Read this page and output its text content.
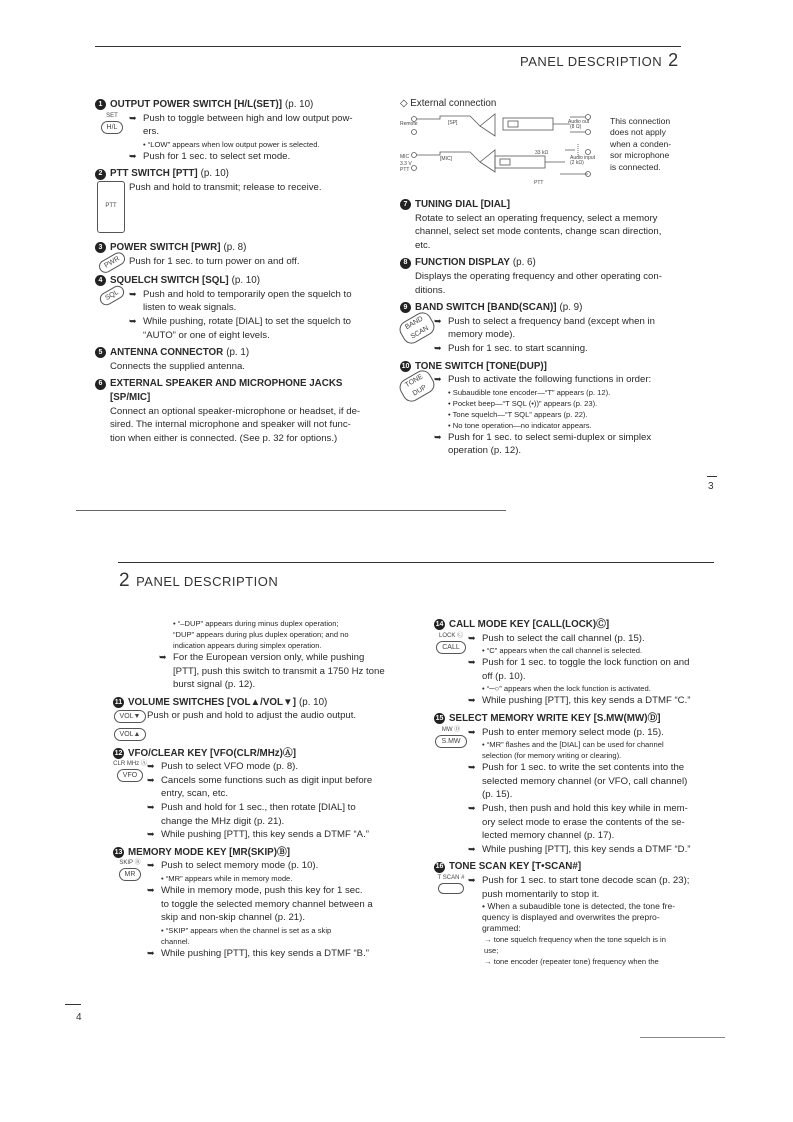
PANEL DESCRIPTION 2
1 OUTPUT POWER SWITCH [H/L(SET)] (p. 10)
SET
H/L
➥ Push to toggle between high and low output pow-
ers.
• “LOW” appears when low output power is selected.
➥ Push for 1 sec. to select set mode.
2 PTT SWITCH [PTT] (p. 10)
PTT
Push and hold to transmit; release to receive.
3 POWER SWITCH [PWR] (p. 8)
PWR Push for 1 sec. to turn power on and off.
4 SQUELCH SWITCH [SQL] (p. 10)
SQL	➥ Push and hold to temporarily open the squelch to
listen to weak signals.
➥ While pushing, rotate [DIAL] to set the squelch to
“AUTO” or one of eight levels.
5 ANTENNA CONNECTOR (p. 1)
Connects the supplied antenna.
6 EXTERNAL SPEAKER AND MICROPHONE JACKS
[SP/MIC]
Connect an optional speaker-microphone or headset, if de-
sired. The internal microphone and speaker will not func-
tion when either is connected. (See p. 32 for options.)
◇ External connection
Remote	[SP]	Audio out
(8 Ω)
MIC	[MIC]
33 kΩ
Audio input
(2 kΩ)
3.3 V
PTT
PTT
This connection
does not apply
when a conden-
sor microphone
is connected.
7 TUNING DIAL [DIAL]
Rotate to select an operating frequency, select a memory
channel, select set mode contents, change scan direction,
etc.
8 FUNCTION DISPLAY (p. 6)
Displays the operating frequency and other operating con-
ditions.
9 BAND SWITCH [BAND(SCAN)] (p. 9)
BAND SCAN
➥ Push to select a frequency band (except when in
memory mode).
➥ Push for 1 sec. to start scanning.
10 TONE SWITCH [TONE(DUP)]
TONE DUP
➥ Push to activate the following functions in order:
• Subaudible tone encoder—“T” appears (p. 12).
• Pocket beep—“T SQL (•))” appears (p. 23).
• Tone squelch—“T SQL” appears (p. 22).
• No tone operation—no indicator appears.
➥ Push for 1 sec. to select semi-duplex or simplex
operation (p. 12).
3
2 PANEL DESCRIPTION
• “–DUP” appears during minus duplex operation;
“DUP” appears during plus duplex operation; and no
indication appears during simplex operation.
➥ For the European version only, while pushing
[PTT], push this switch to transmit a 1750 Hz tone
burst signal (p. 12).
11 VOLUME SWITCHES [VOL▲/VOL▼] (p. 10)
VOL▼VOL▲
Push or push and hold to adjust the audio output.
12 VFO/CLEAR KEY [VFO(CLR/MHz)Ⓐ]
CLR MHz Ⓐ
VFO
➥ Push to select VFO mode (p. 8).
➥ Cancels some functions such as digit input before
entry, scan, etc.
➥ Push and hold for 1 sec., then rotate [DIAL] to
change the MHz digit (p. 21).
➥ While pushing [PTT], this key sends a DTMF “A.”
13 MEMORY MODE KEY [MR(SKIP)Ⓑ]
SKIP Ⓑ
MR
➥ Push to select memory mode (p. 10).
• “MR” appears while in memory mode.
➥ While in memory mode, push this key for 1 sec.
to toggle the selected memory channel between a
skip and non-skip channel (p. 21).
• “SKIP” appears when the channel is set as a skip
channel.
➥ While pushing [PTT], this key sends a DTMF “B.”
14 CALL MODE KEY [CALL(LOCK)Ⓒ]
LOCK Ⓒ
CALL
➥ Push to select the call channel (p. 15).
• “C” appears when the call channel is selected.
➥ Push for 1 sec. to toggle the lock function on and
off (p. 10).
• “─○” appears when the lock function is activated.
➥ While pushing [PTT], this key sends a DTMF “C.”
15 SELECT MEMORY WRITE KEY [S.MW(MW)Ⓓ]
MW Ⓓ
S.MW
➥ Push to enter memory select mode (p. 15).
• “MR” flashes and the [DIAL] can be used for channel
selection (for memory writing or clearing).
➥ Push for 1 sec. to write the set contents into the
selected memory channel (or VFO, call channel)
(p. 15).
➥ Push, then push and hold this key while in mem-
ory select mode to erase the contents of the se-
lected memory channel (p. 17).
➥ While pushing [PTT], this key sends a DTMF “D.”
16 TONE SCAN KEY [T•SCAN#]
T SCAN # ➥ Push for 1 sec. to start tone decode scan (p. 23);
push momentarily to stop it.
• When a subaudible tone is detected, the tone fre-
quency is displayed and overwrites the prepro-
grammed:
→ tone squelch frequency when the tone squelch is in
use;
→ tone encoder (repeater tone) frequency when the
4
